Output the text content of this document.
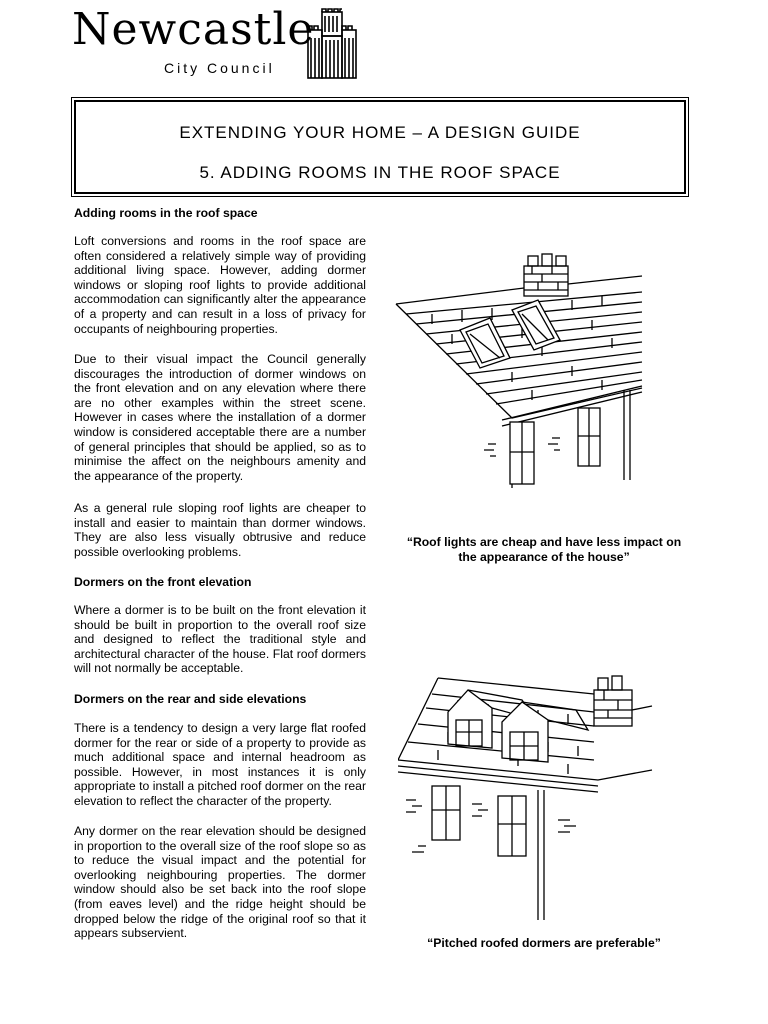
Newcastle
City Council
EXTENDING YOUR HOME – A DESIGN GUIDE
5. ADDING ROOMS IN THE ROOF SPACE

Adding rooms in the roof space

Loft conversions and rooms in the roof space are often considered a relatively simple way of providing additional living space. However, adding dormer windows or sloping roof lights to provide additional accommodation can significantly alter the appearance of a property and can result in a loss of privacy for occupants of neighbouring properties.

Due to their visual impact the Council generally discourages the introduction of dormer windows on the front elevation and on any elevation where there are no other examples within the street scene. However in cases where the installation of a dormer window is considered acceptable there are a number of general principles that should be applied, so as to minimise the affect on the neighbours amenity and the appearance of the property.

As a general rule sloping roof lights are cheaper to install and easier to maintain than dormer windows. They are also less visually obtrusive and reduce possible overlooking problems.

Dormers on the front elevation

Where a dormer is to be built on the front elevation it should be built in proportion to the overall roof size and designed to reflect the traditional style and architectural character of the house. Flat roof dormers will not normally be acceptable.

Dormers on the rear and side elevations

There is a tendency to design a very large flat roofed dormer for the rear or side of a property to provide as much additional space and internal headroom as possible. However, in most instances it is only appropriate to install a pitched roof dormer on the rear elevation to reflect the character of the property.

Any dormer on the rear elevation should be designed in proportion to the overall size of the roof slope so as to reduce the visual impact and the potential for overlooking neighbouring properties. The dormer window should also be set back into the roof slope (from eaves level) and the ridge height should be dropped below the ridge of the original roof so that it appears subservient.

“Roof lights are cheap and have less impact on the appearance of the house”
“Pitched roofed dormers are preferable”
